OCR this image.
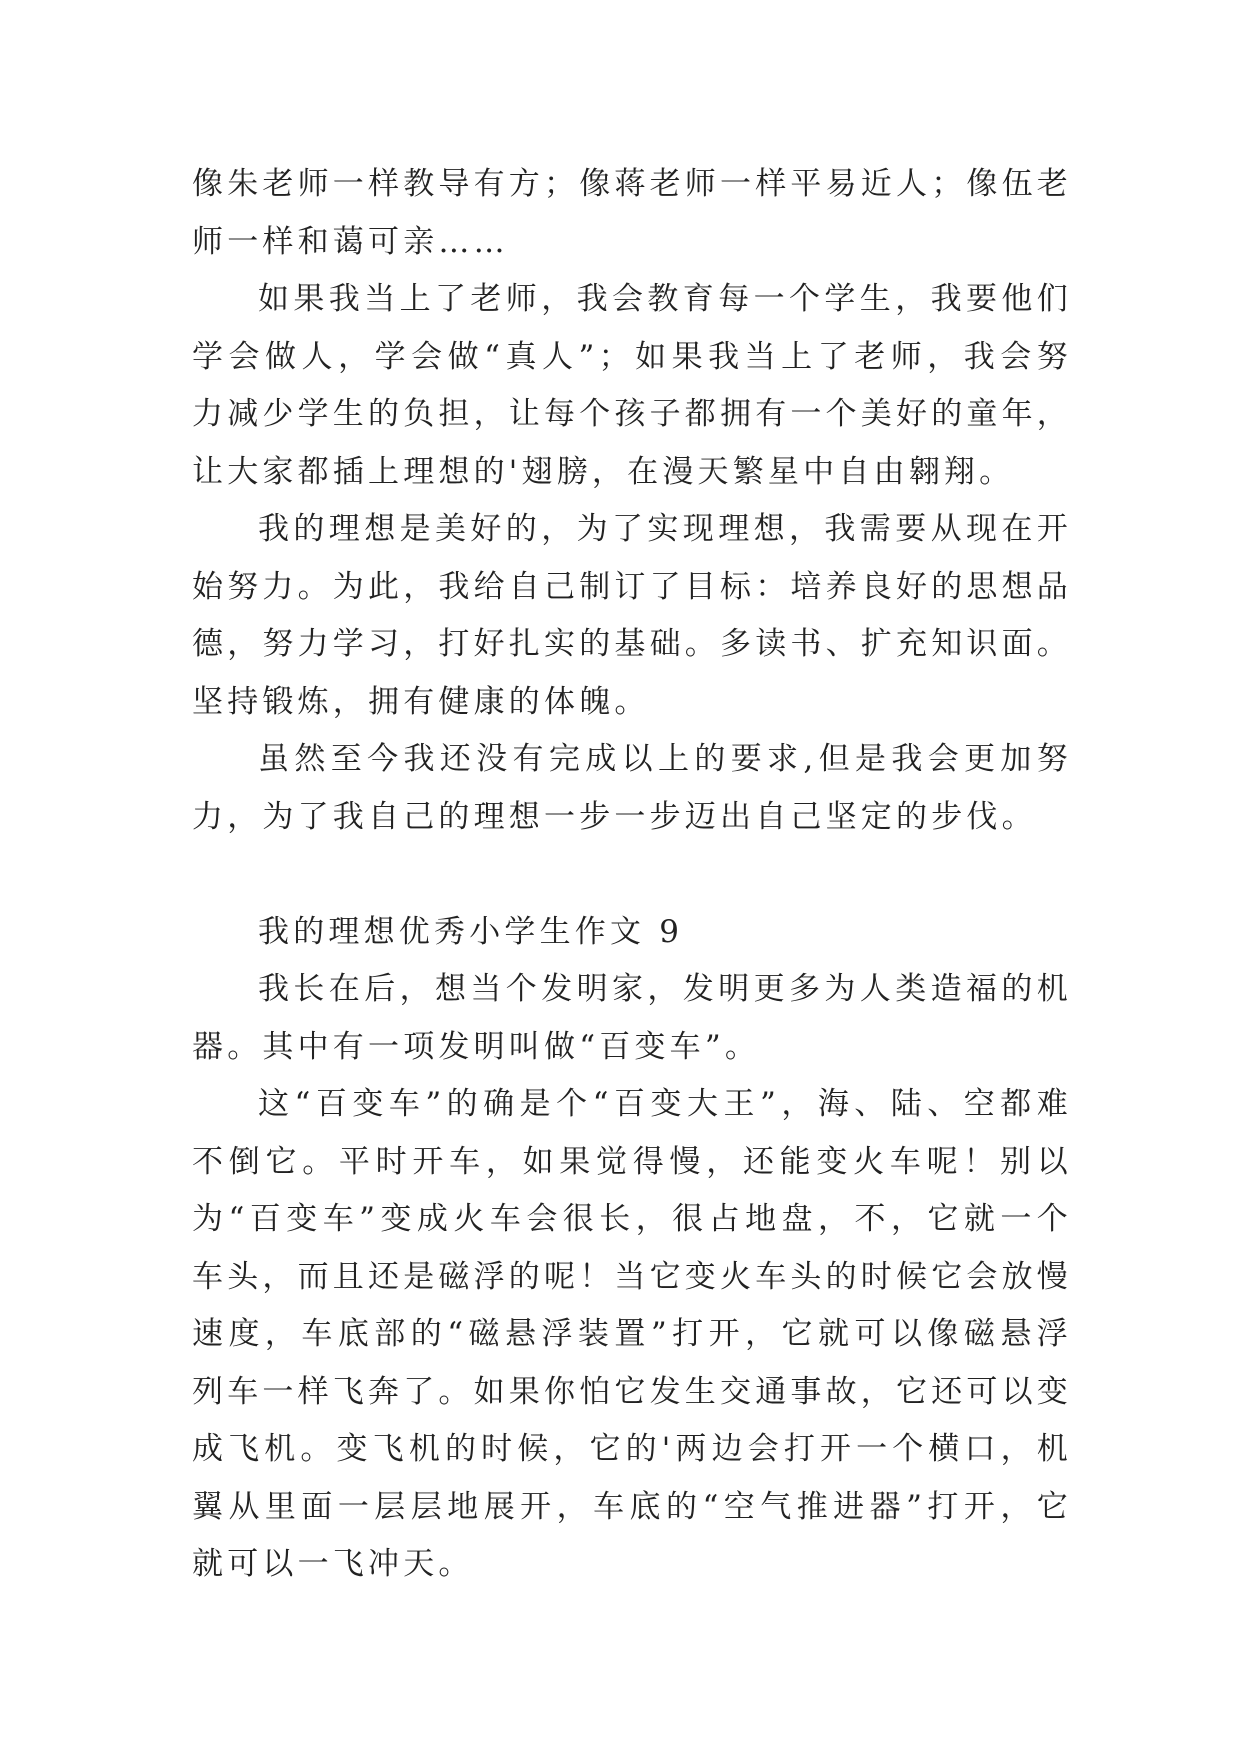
像朱老师一样教导有方；像蒋老师一样平易近人；像伍老师一样和蔼可亲……

如果我当上了老师，我会教育每一个学生，我要他们学会做人，学会做“真人”；如果我当上了老师，我会努力减少学生的负担，让每个孩子都拥有一个美好的童年，让大家都插上理想的'翅膀，在漫天繁星中自由翱翔。

我的理想是美好的，为了实现理想，我需要从现在开始努力。为此，我给自己制订了目标：培养良好的思想品德，努力学习，打好扎实的基础。多读书、扩充知识面。坚持锻炼，拥有健康的体魄。

虽然至今我还没有完成以上的要求,但是我会更加努力，为了我自己的理想一步一步迈出自己坚定的步伐。

我的理想优秀小学生作文 9

我长在后，想当个发明家，发明更多为人类造福的机器。其中有一项发明叫做“百变车”。

这“百变车”的确是个“百变大王”，海、陆、空都难不倒它。平时开车，如果觉得慢，还能变火车呢！别以为“百变车”变成火车会很长，很占地盘，不，它就一个车头，而且还是磁浮的呢！当它变火车头的时候它会放慢速度，车底部的“磁悬浮装置”打开，它就可以像磁悬浮列车一样飞奔了。如果你怕它发生交通事故，它还可以变成飞机。变飞机的时候，它的'两边会打开一个横口，机翼从里面一层层地展开，车底的“空气推进器”打开，它就可以一飞冲天。
